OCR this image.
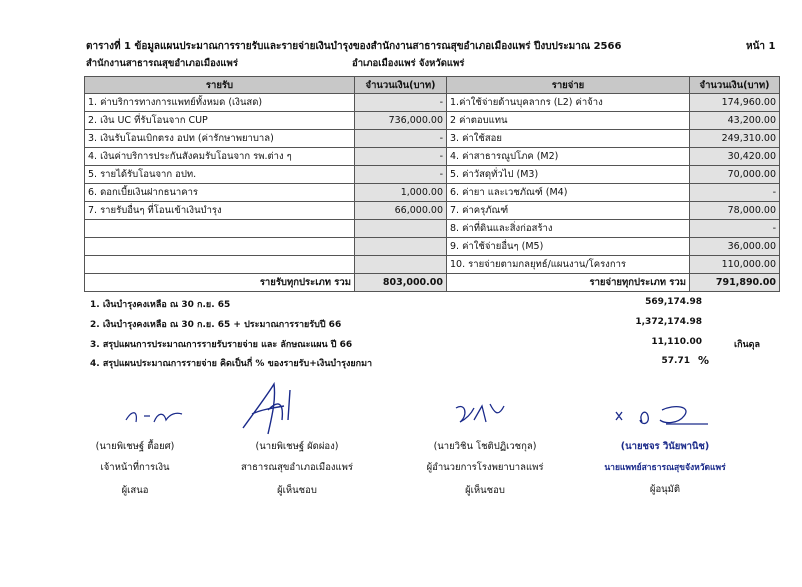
ตารางที่ 1 ข้อมูลแผนประมาณการรายรับและรายจ่ายเงินบำรุงของสำนักงานสาธารณสุขอำเภอเมืองแพร่ ปีงบประมาณ 2566	หน้า 1
สำนักงานสาธารณสุขอำเภอเมืองแพร่	อำเภอเมืองแพร่ จังหวัดแพร่
รายรับ	จำนวนเงิน(บาท)	รายจ่าย	จำนวนเงิน(บาท)
1. ค่าบริการทางการแพทย์ทั้งหมด (เงินสด)	-	1.ค่าใช้จ่ายด้านบุคลากร (L2) ค่าจ้าง	174,960.00
2. เงิน UC ที่รับโอนจาก CUP	736,000.00	2 ค่าตอบแทน	43,200.00
3. เงินรับโอนเบิกตรง อปท (ค่ารักษาพยาบาล)	-	3. ค่าใช้สอย	249,310.00
4. เงินค่าบริการประกันสังคมรับโอนจาก รพ.ต่าง ๆ	-	4. ค่าสาธารณูปโภค (M2)	30,420.00
5. รายได้รับโอนจาก อปท.	-	5. ค่าวัสดุทั่วไป (M3)	70,000.00
6. ดอกเบี้ยเงินฝากธนาคาร	1,000.00	6. ค่ายา และเวชภัณฑ์ (M4)	-
7. รายรับอื่นๆ ที่โอนเข้าเงินบำรุง	66,000.00	7. ค่าครุภัณฑ์	78,000.00
		8. ค่าที่ดินและสิ่งก่อสร้าง	-
		9. ค่าใช้จ่ายอื่นๆ (M5)	36,000.00
		10. รายจ่ายตามกลยุทธ์/แผนงาน/โครงการ	110,000.00
รายรับทุกประเภท รวม	803,000.00	รายจ่ายทุกประเภท รวม	791,890.00
1. เงินบำรุงคงเหลือ ณ 30 ก.ย. 65	569,174.98
2. เงินบำรุงคงเหลือ ณ 30 ก.ย. 65 + ประมาณการรายรับปี 66	1,372,174.98
3. สรุปแผนการประมาณการรายรับรายจ่าย และ ลักษณะแผน ปี 66	11,110.00	เกินดุล
4. สรุปแผนประมาณการรายจ่าย คิดเป็นกี่ % ของรายรับ+เงินบำรุงยกมา	57.71 %
(นายพิเชษฐ์ ตื้อยศ)
เจ้าหน้าที่การเงิน
ผู้เสนอ
(นายพิเชษฐ์ ผัดผ่อง)
สาธารณสุขอำเภอเมืองแพร่
ผู้เห็นชอบ
(นายวิชิน โชติปฏิเวชกุล)
ผู้อำนวยการโรงพยาบาลแพร่
ผู้เห็นชอบ
(นายชจร วินัยพานิช)
นายแพทย์สาธารณสุขจังหวัดแพร่
ผู้อนุมัติ
